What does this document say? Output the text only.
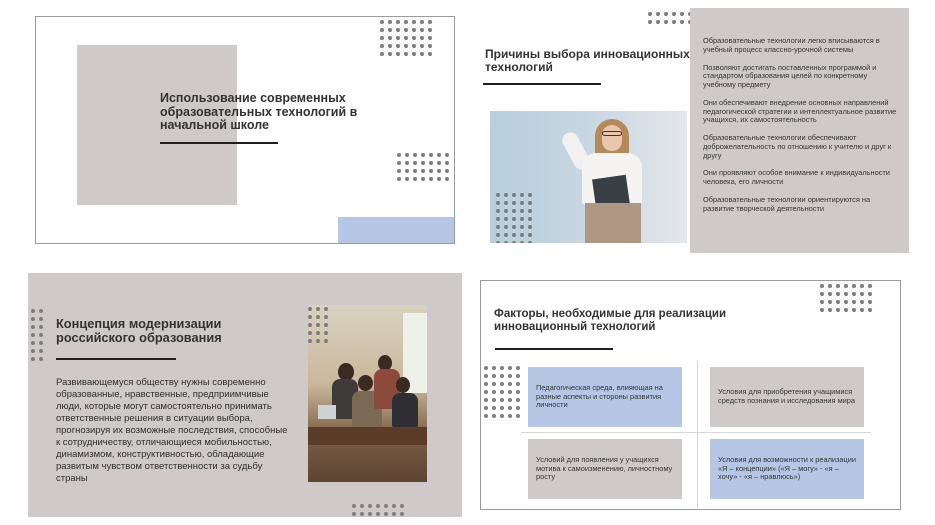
Использование современных образовательных технологий в начальной школе
Причины выбора инновационных технологий

Образовательные технологии легко вписываются в учебный процесс классно-урочной системы

Позволяют достигать поставленных программой и стандартом образования целей по конкретному учебному предмету

Они обеспечивают внедрение основных направлений педагогической стратегии и интеллектуальное развитие учащихся, их самостоятельность

Образовательные технологии обеспечивают доброжелательность по отношению к учителю и друг к другу

Они проявляют особое внимание к индивидуальности человека, его личности

Образовательные технологии ориентируются на развитие творческой деятельности

Концепция модернизации российского образования
Развивающемуся обществу нужны современно образованные, нравственные, предприимчивые люди, которые могут самостоятельно принимать ответственные решения в ситуации выбора, прогнозируя их возможные последствия, способные к сотрудничеству, отличающиеся мобильностью, динамизмом, конструктивностью, обладающие развитым чувством ответственности за судьбу страны
Факторы, необходимые для реализации инновационный технологий
Педагогическая среда, влияющая на разные аспекты и стороны развития личности
Условия для приобретения учащимися средств познания и исследования мира
Условий для появления у учащихся мотива к самоизменению, личностному росту
Условия для возможности к реализации «Я – концепции» («Я – могу» - «я – хочу» - «я – нравлюсь»)
